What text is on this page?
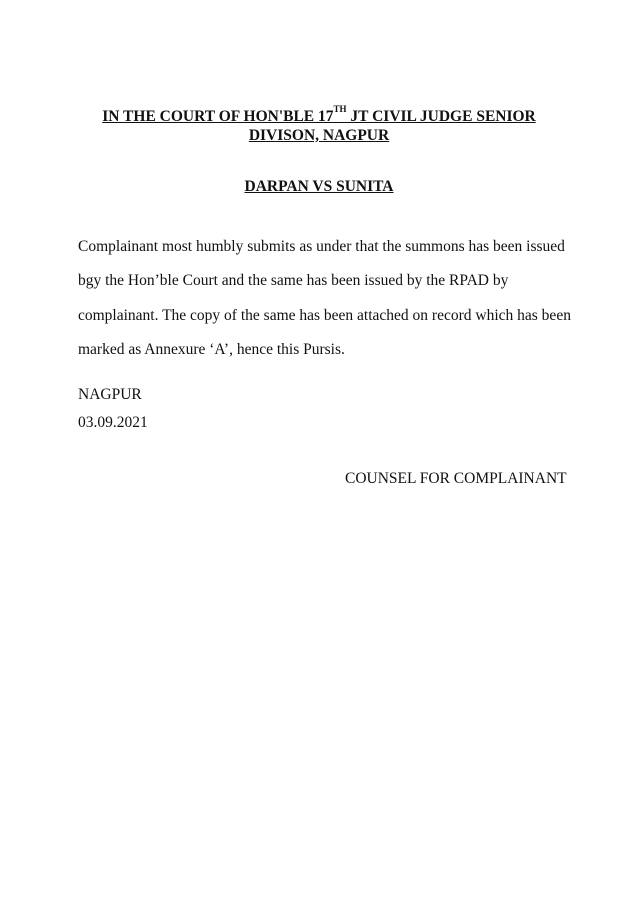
IN THE COURT OF HON'BLE 17TH JT CIVIL JUDGE SENIOR
DIVISON, NAGPUR
DARPAN VS SUNITA

Complainant most humbly submits as under that the summons has been issued

bgy the Hon’ble Court and the same has been issued by the RPAD by

complainant. The copy of the same has been attached on record which has been

marked as Annexure ‘A’, hence this Pursis.

NAGPUR
03.09.2021
COUNSEL FOR COMPLAINANT
